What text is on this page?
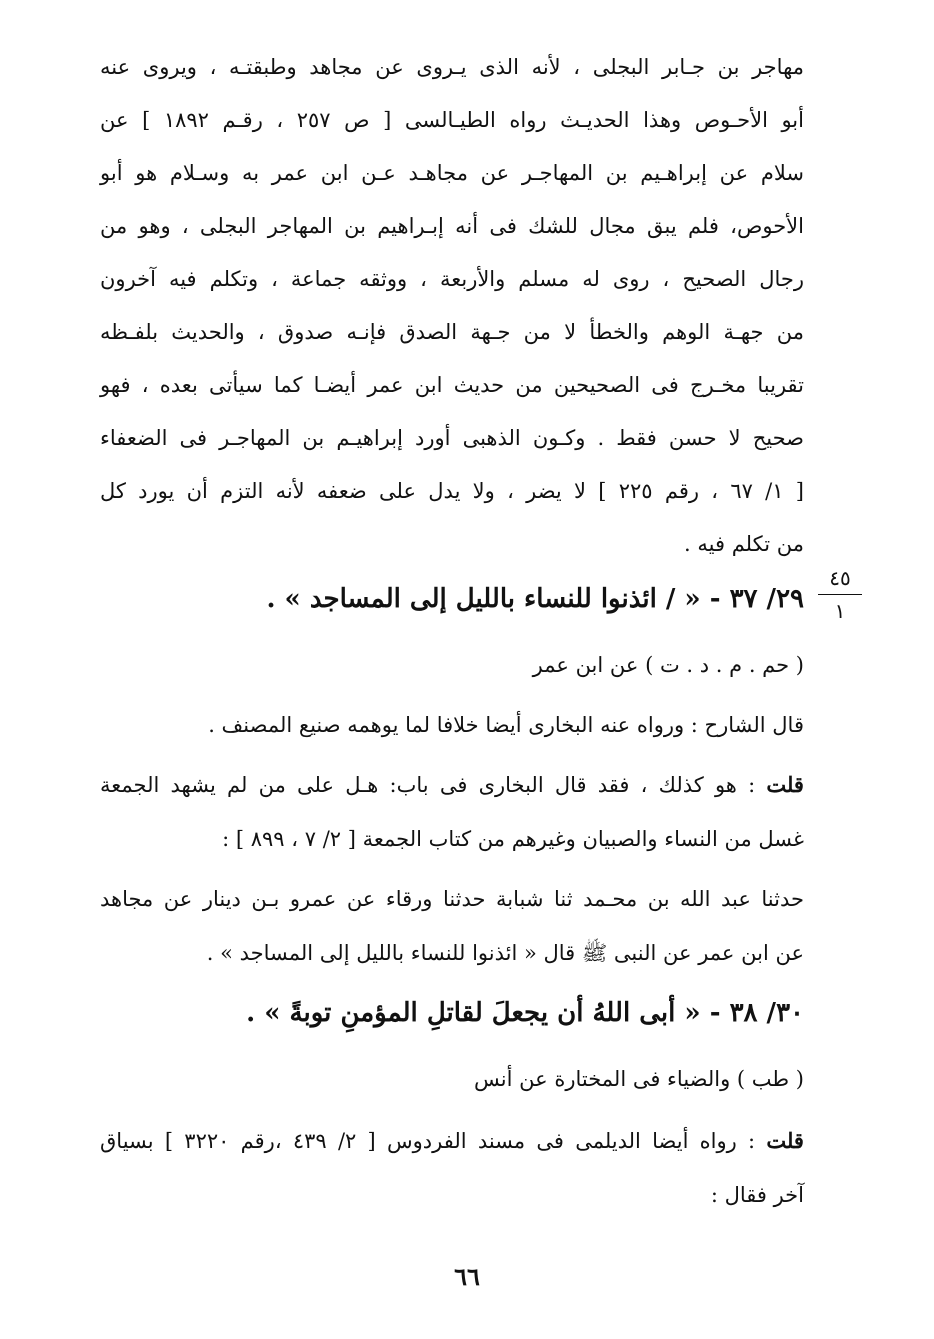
مهاجر بن جـابر البجلى ، لأنه الذى يـروى عن مجاهد وطبقتـه ، ويروى عنه
أبو الأحـوص وهذا الحديـث رواه الطيـالسى [ ص ٢٥٧ ، رقـم ١٨٩٢ ] عن
سلام عن إبراهـيم بن المهاجـر عن مجاهـد عـن ابن عمر به وسـلام هو أبو
الأحوص، فلم يبق مجال للشك فى أنه إبـراهيم بن المهاجر البجلى ، وهو من
رجال الصحيح ، روى له مسلم والأربعة ، ووثقه جماعة ، وتكلم فيه آخرون
من جهـة الوهم والخطأ لا من جـهة الصدق فإنـه صدوق ، والحديث بلفـظه
تقريبا مخـرج فى الصحيحين من حديث ابن عمر أيضـا كما سيأتى بعده ، فهو
صحيح لا حسن فقط . وكـون الذهبى أورد إبراهيـم بن المهاجـر فى الضعفاء
[ ١/ ٦٧ ، رقم ٢٢٥ ] لا يضر ، ولا يدل على ضعفه لأنه التزم أن يورد كل
من تكلم فيه .
٤٥
١
٢٩/ ٣٧ - « / ائذنوا للنساء بالليل إلى المساجد » .
( حم . م . د . ت ) عن ابن عمر
قال الشارح : ورواه عنه البخارى أيضا خلافا لما يوهمه صنيع المصنف .
قلت : هو كذلك ، فقد قال البخارى فى باب: هـل على من لم يشهد الجمعة
غسل من النساء والصبيان وغيرهم من كتاب الجمعة [ ٢/ ٧ ، ٨٩٩ ] :
حدثنا عبد الله بن محـمد ثنا شبابة حدثنا ورقاء عن عمرو بـن دينار عن مجاهد
عن ابن عمر عن النبى ﷺ قال « ائذنوا للنساء بالليل إلى المساجد » .
٣٠/ ٣٨ - « أبى اللهُ أن يجعلَ لقاتلِ المؤمنِ توبةً » .
( طب ) والضياء فى المختارة عن أنس
قلت : رواه أيضا الديلمى فى مسند الفردوس [ ٢/ ٤٣٩ ،رقم ٣٢٢٠ ] بسياق
آخر فقال :
٦٦
